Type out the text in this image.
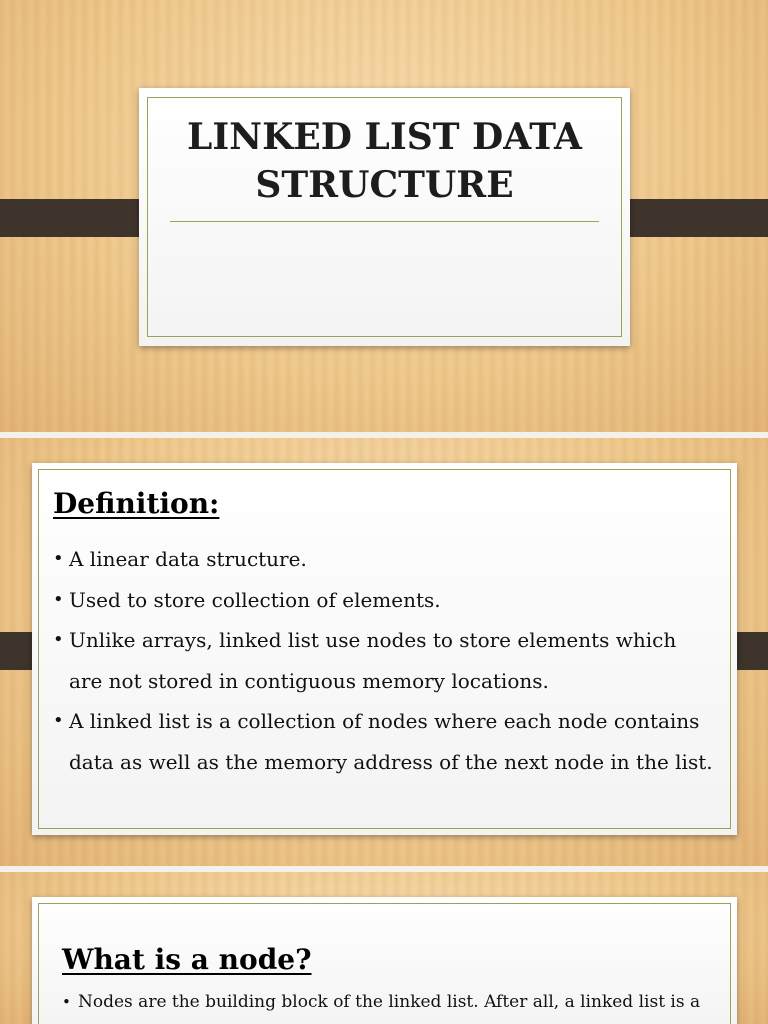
LINKED LIST DATA
STRUCTURE
Definition:
• A linear data structure.
• Used to store collection of elements.
• Unlike arrays, linked list use nodes to store elements which are not stored in contiguous memory locations.
• A linked list is a collection of nodes where each node contains data as well as the memory address of the next node in the list.
What is a node?
• Nodes are the building block of the linked list. After all, a linked list is a
